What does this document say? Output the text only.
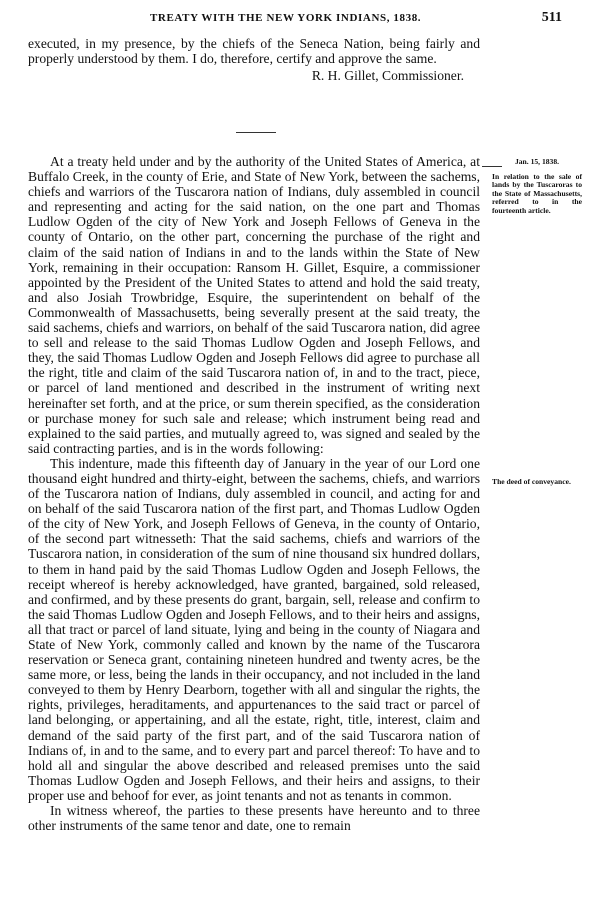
TREATY WITH THE NEW YORK INDIANS, 1838.	511

executed, in my presence, by the chiefs of the Seneca Nation, being fairly and properly understood by them. I do, therefore, certify and approve the same.

R. H. Gillet, Commissioner.

At a treaty held under and by the authority of the United States of America, at Buffalo Creek, in the county of Erie, and State of New York, between the sachems, chiefs and warriors of the Tuscarora nation of Indians, duly assembled in council and representing and acting for the said nation, on the one part and Thomas Ludlow Ogden of the city of New York and Joseph Fellows of Geneva in the county of Ontario, on the other part, concerning the purchase of the right and claim of the said nation of Indians in and to the lands within the State of New York, remaining in their occupation: Ransom H. Gillet, Esquire, a commissioner appointed by the President of the United States to attend and hold the said treaty, and also Josiah Trowbridge, Esquire, the superintendent on behalf of the Commonwealth of Massachusetts, being severally present at the said treaty, the said sachems, chiefs and warriors, on behalf of the said Tuscarora nation, did agree to sell and release to the said Thomas Ludlow Ogden and Joseph Fellows, and they, the said Thomas Ludlow Ogden and Joseph Fellows did agree to purchase all the right, title and claim of the said Tuscarora nation of, in and to the tract, piece, or parcel of land mentioned and described in the instrument of writing next hereinafter set forth, and at the price, or sum therein specified, as the consideration or purchase money for such sale and release; which instrument being read and explained to the said parties, and mutually agreed to, was signed and sealed by the said contracting parties, and is in the words following:

This indenture, made this fifteenth day of January in the year of our Lord one thousand eight hundred and thirty-eight, between the sachems, chiefs, and warriors of the Tuscarora nation of Indians, duly assembled in council, and acting for and on behalf of the said Tuscarora nation of the first part, and Thomas Ludlow Ogden of the city of New York, and Joseph Fellows of Geneva, in the county of Ontario, of the second part witnesseth: That the said sachems, chiefs and warriors of the Tuscarora nation, in consideration of the sum of nine thousand six hundred dollars, to them in hand paid by the said Thomas Ludlow Ogden and Joseph Fellows, the receipt whereof is hereby acknowledged, have granted, bargained, sold released, and confirmed, and by these presents do grant, bargain, sell, release and confirm to the said Thomas Ludlow Ogden and Joseph Fellows, and to their heirs and assigns, all that tract or parcel of land situate, lying and being in the county of Niagara and State of New York, commonly called and known by the name of the Tuscarora reservation or Seneca grant, containing nineteen hundred and twenty acres, be the same more, or less, being the lands in their occupancy, and not included in the land conveyed to them by Henry Dearborn, together with all and singular the rights, the rights, privileges, heraditaments, and appurtenances to the said tract or parcel of land belonging, or appertaining, and all the estate, right, title, interest, claim and demand of the said party of the first part, and of the said Tuscarora nation of Indians of, in and to the same, and to every part and parcel thereof: To have and to hold all and singular the above described and released premises unto the said Thomas Ludlow Ogden and Joseph Fellows, and their heirs and assigns, to their proper use and behoof for ever, as joint tenants and not as tenants in common.

In witness whereof, the parties to these presents have hereunto and to three other instruments of the same tenor and date, one to remain

Jan. 15, 1838.
In relation to the sale of lands by the Tuscaroras to the State of Massachusetts, referred to in the fourteenth article.
The deed of conveyance.
